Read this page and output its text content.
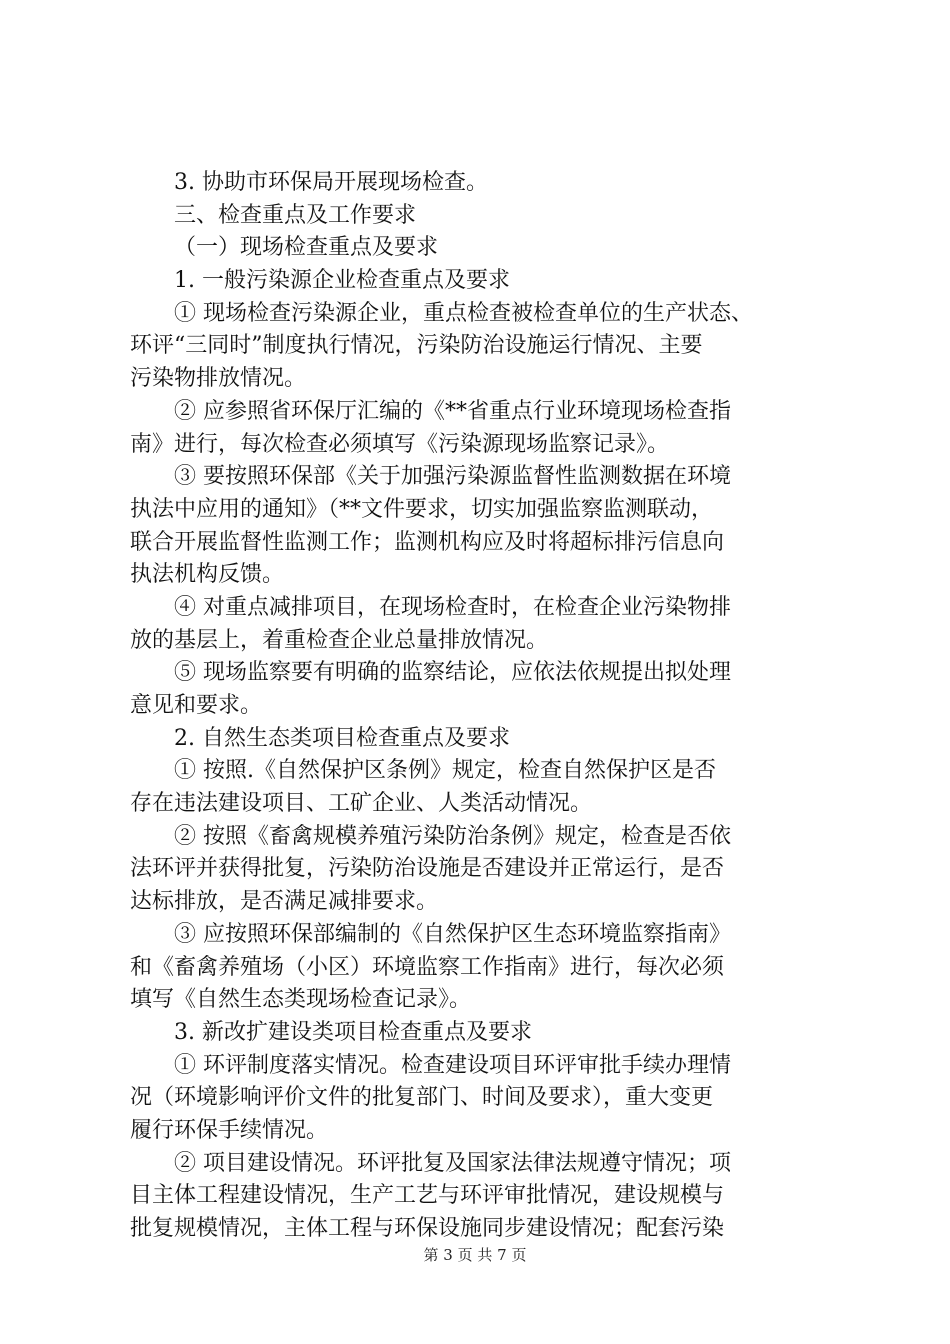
3. 协助市环保局开展现场检查。
三、检查重点及工作要求
（一）现场检查重点及要求
1. 一般污染源企业检查重点及要求
① 现场检查污染源企业，重点检查被检查单位的生产状态、
环评“三同时”制度执行情况，污染防治设施运行情况、主要
污染物排放情况。
② 应参照省环保厅汇编的《**省重点行业环境现场检查指
南》进行，每次检查必须填写《污染源现场监察记录》。
③ 要按照环保部《关于加强污染源监督性监测数据在环境
执法中应用的通知》（**文件要求，切实加强监察监测联动，
联合开展监督性监测工作；监测机构应及时将超标排污信息向
执法机构反馈。
④ 对重点减排项目，在现场检查时，在检查企业污染物排
放的基层上，着重检查企业总量排放情况。
⑤ 现场监察要有明确的监察结论，应依法依规提出拟处理
意见和要求。
2. 自然生态类项目检查重点及要求
① 按照.《自然保护区条例》规定，检查自然保护区是否
存在违法建设项目、工矿企业、人类活动情况。
② 按照《畜禽规模养殖污染防治条例》规定，检查是否依
法环评并获得批复，污染防治设施是否建设并正常运行，是否
达标排放，是否满足减排要求。
③ 应按照环保部编制的《自然保护区生态环境监察指南》
和《畜禽养殖场（小区）环境监察工作指南》进行，每次必须
填写《自然生态类现场检查记录》。
3. 新改扩建设类项目检查重点及要求
① 环评制度落实情况。检查建设项目环评审批手续办理情
况（环境影响评价文件的批复部门、时间及要求），重大变更
履行环保手续情况。
② 项目建设情况。环评批复及国家法律法规遵守情况；项
目主体工程建设情况，生产工艺与环评审批情况，建设规模与
批复规模情况，主体工程与环保设施同步建设情况；配套污染
第 3 页 共 7 页
